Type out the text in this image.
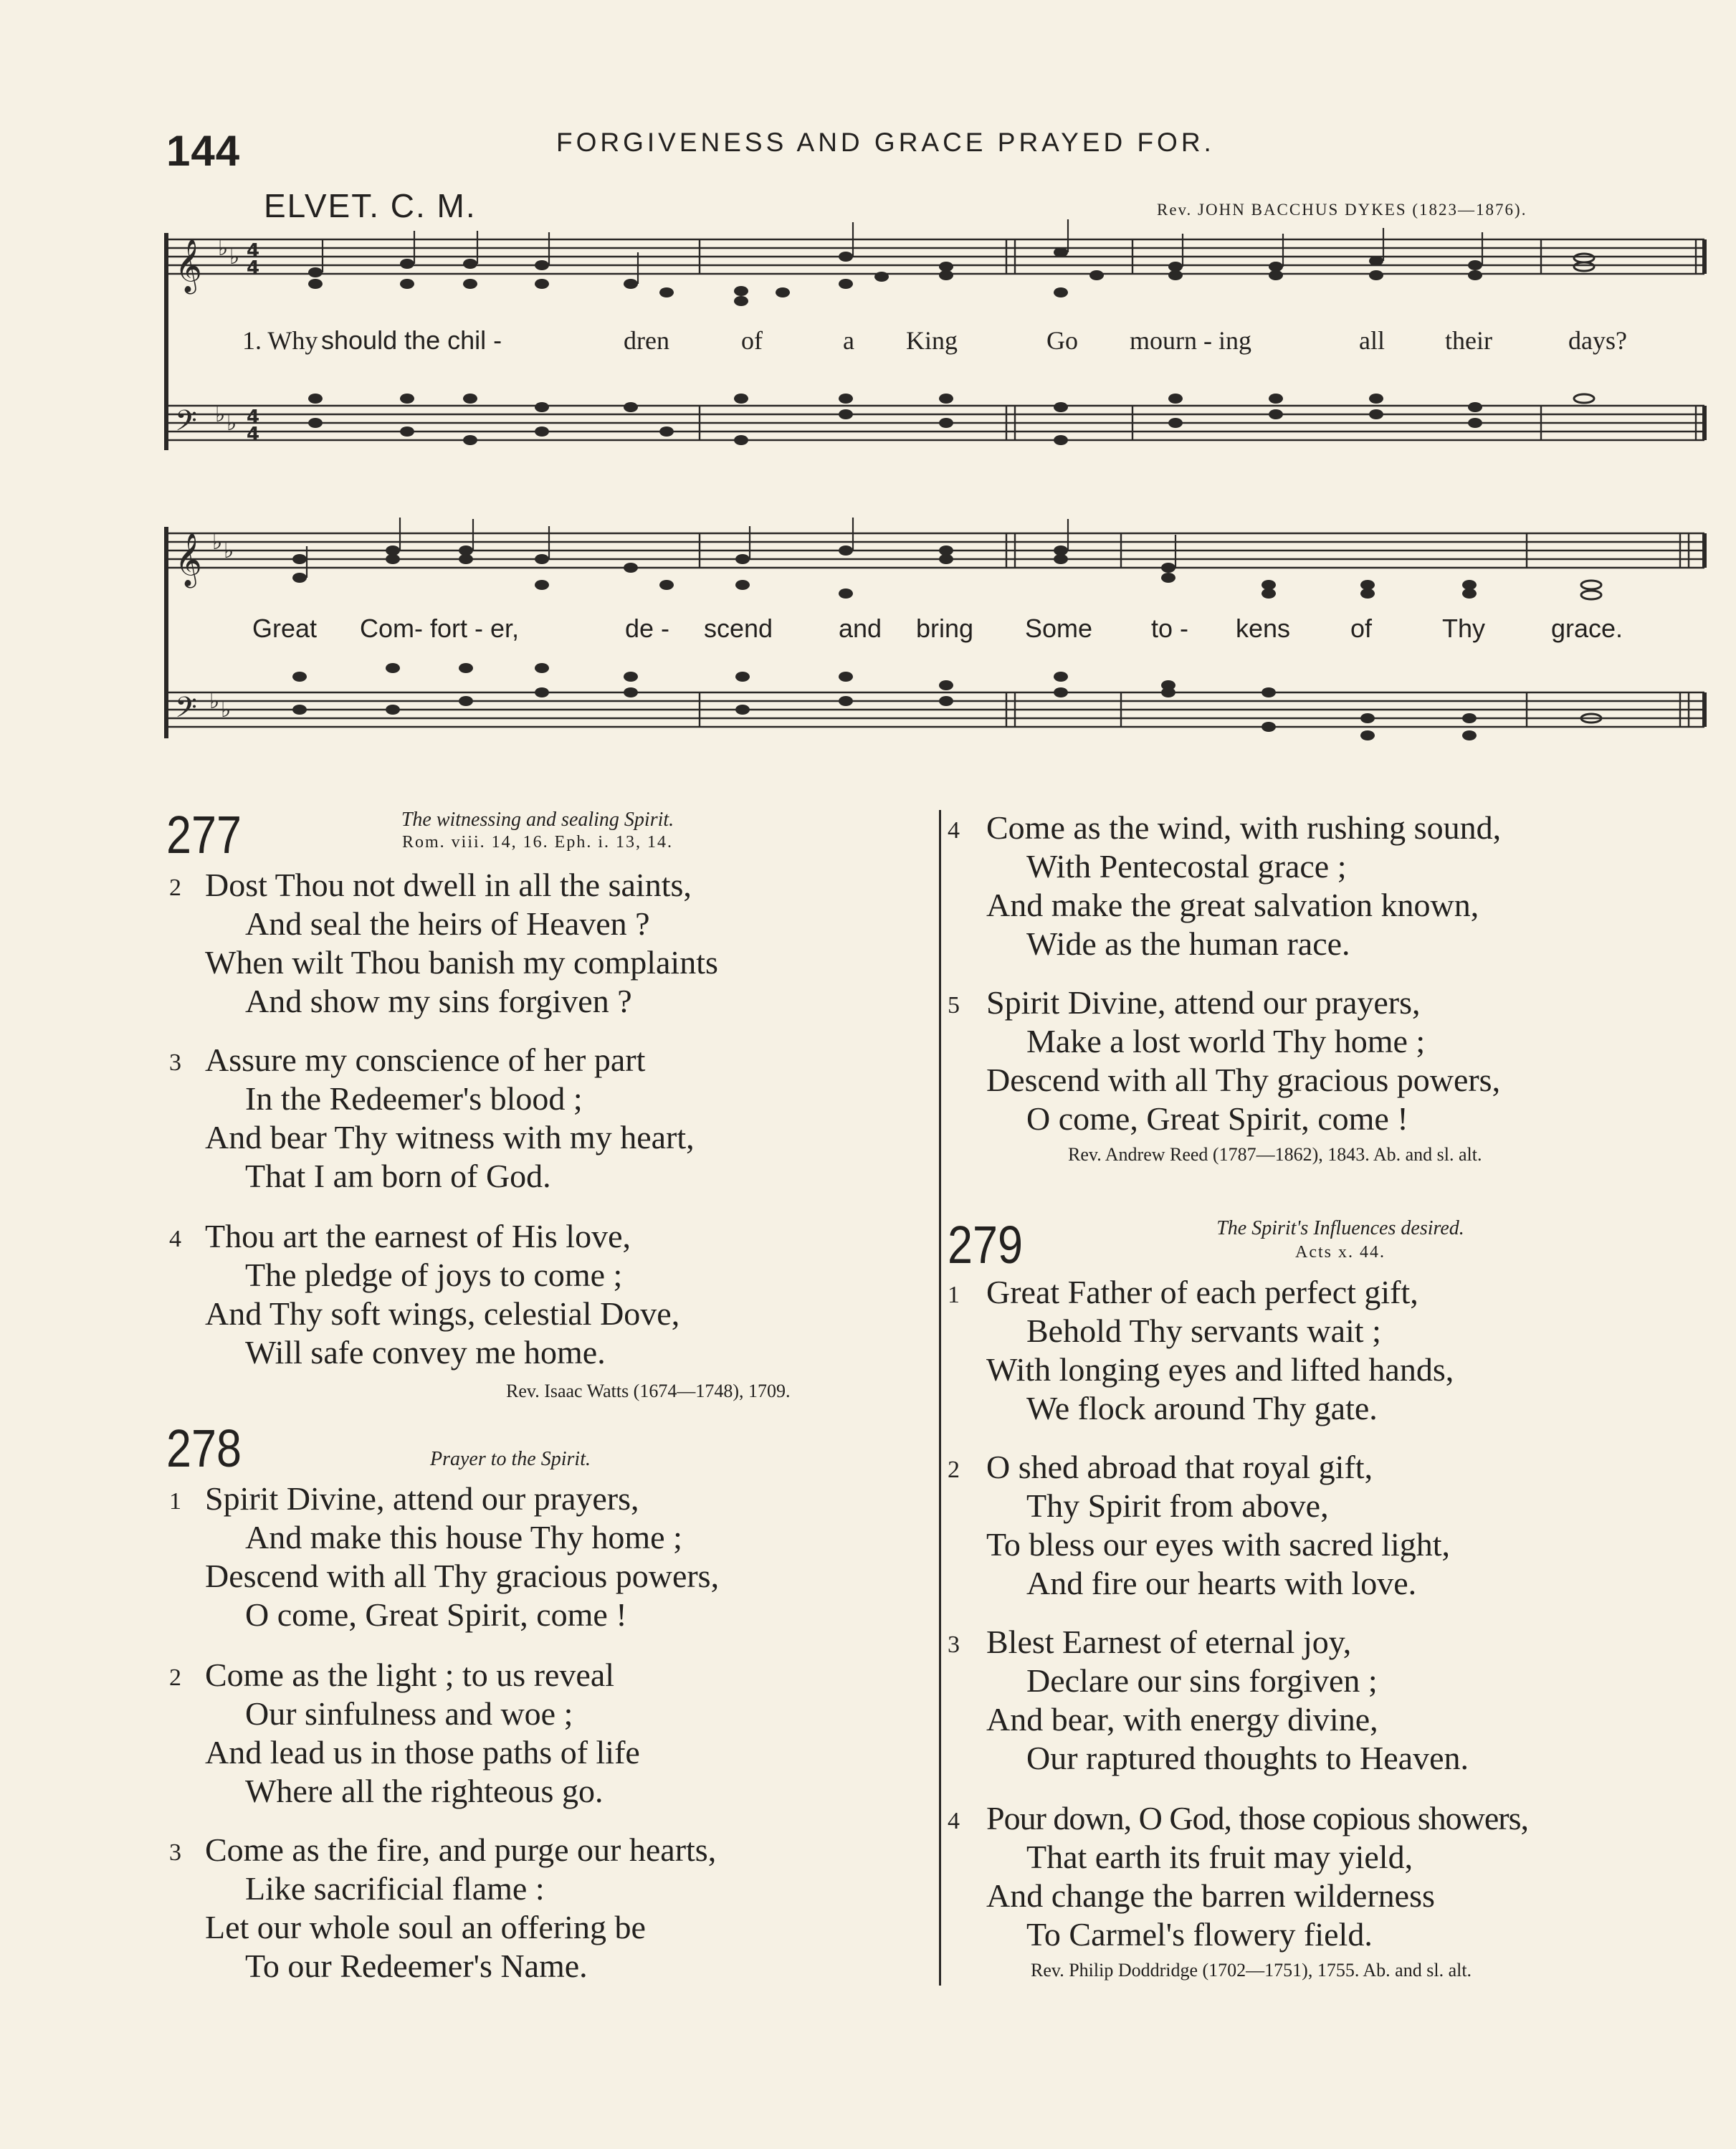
144	FORGIVENESS AND GRACE PRAYED FOR.
ELVET. C. M.	Rev. JOHN BACCHUS DYKES (1823—1876).
𝄞
𝄢
𝄞
𝄢
♭ ♭
♭ ♭
♭ ♭
♭ ♭
4
4
4
4
1. Why should the chil -	dren	of	a King	Go mourn - ing	all their	days?
Great Com- fort - er,	de - scend	and bring Some to - kens of	Thy	grace.
277	The witnessing and sealing Spirit.
Rom. viii. 14, 16. Eph. i. 13, 14.
2 Dost Thou not dwell in all the saints,
And seal the heirs of Heaven ?
When wilt Thou banish my complaints
And show my sins forgiven ?
3 Assure my conscience of her part
In the Redeemer's blood ;
And bear Thy witness with my heart,
That I am born of God.
4 Thou art the earnest of His love,
The pledge of joys to come ;
And Thy soft wings, celestial Dove,
Will safe convey me home.
Rev. Isaac Watts (1674—1748), 1709.
278	Prayer to the Spirit.
1 Spirit Divine, attend our prayers,
And make this house Thy home ;
Descend with all Thy gracious powers,
O come, Great Spirit, come !
2 Come as the light ; to us reveal
Our sinfulness and woe ;
And lead us in those paths of life
Where all the righteous go.
3 Come as the fire, and purge our hearts,
Like sacrificial flame :
Let our whole soul an offering be
To our Redeemer's Name.
4 Come as the wind, with rushing sound,
With Pentecostal grace ;
And make the great salvation known,
Wide as the human race.
5 Spirit Divine, attend our prayers,
Make a lost world Thy home ;
Descend with all Thy gracious powers,
O come, Great Spirit, come !
Rev. Andrew Reed (1787—1862), 1843. Ab. and sl. alt.
279	The Spirit's Influences desired.
Acts x. 44.
1 Great Father of each perfect gift,
Behold Thy servants wait ;
With longing eyes and lifted hands,
We flock around Thy gate.
2 O shed abroad that royal gift,
Thy Spirit from above,
To bless our eyes with sacred light,
And fire our hearts with love.
3 Blest Earnest of eternal joy,
Declare our sins forgiven ;
And bear, with energy divine,
Our raptured thoughts to Heaven.
4 Pour down, O God, those copious showers,
That earth its fruit may yield,
And change the barren wilderness
To Carmel's flowery field.
Rev. Philip Doddridge (1702—1751), 1755. Ab. and sl. alt.
